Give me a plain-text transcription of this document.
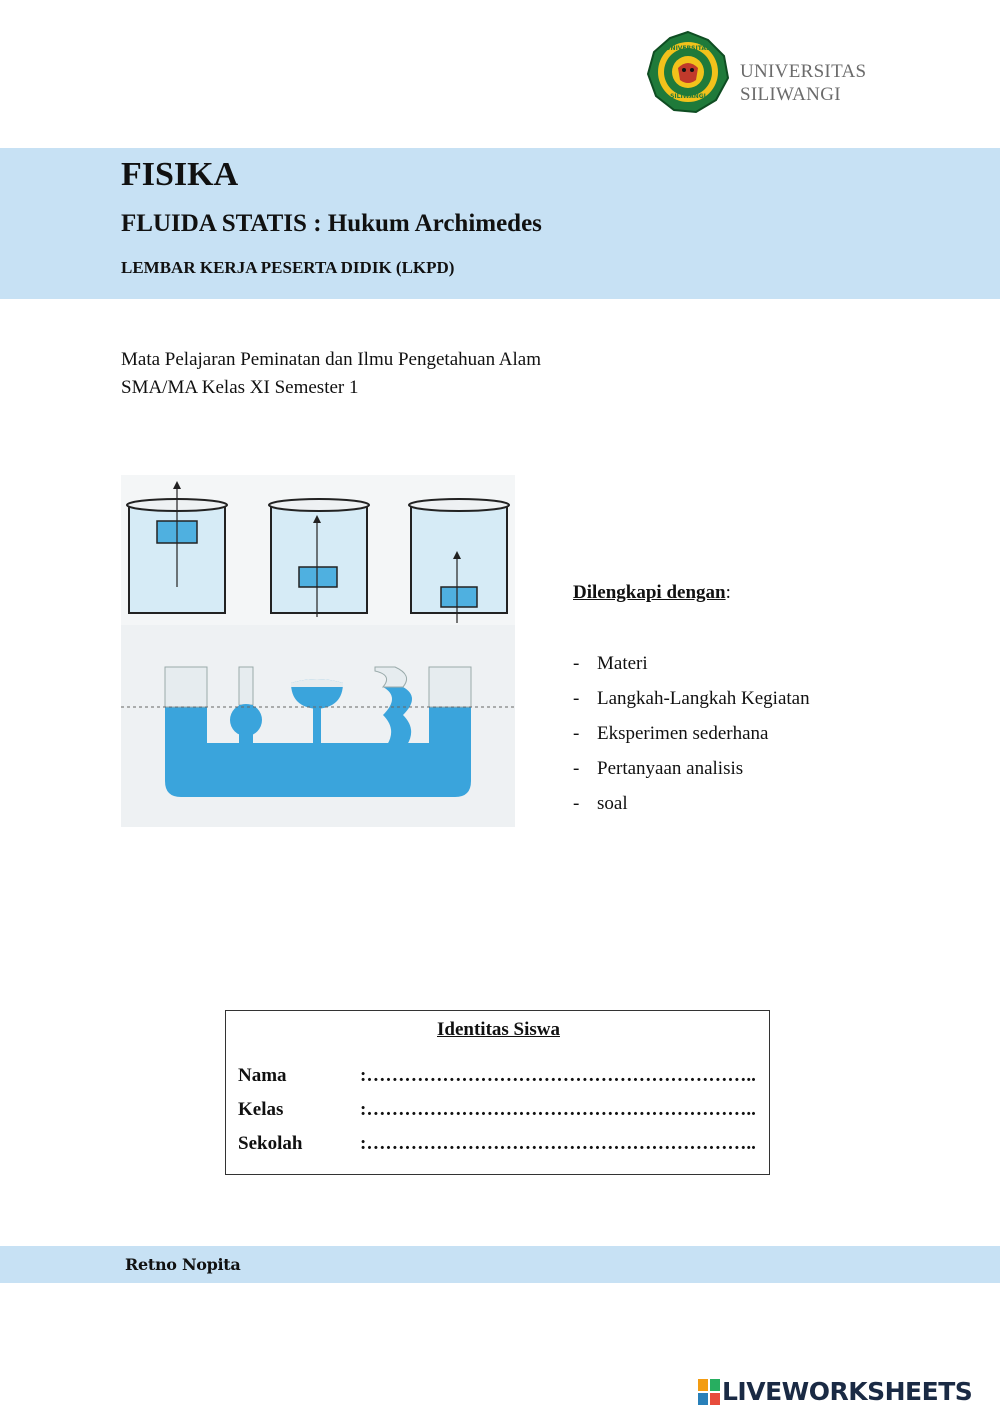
UNIVERSITAS
SILIWANGI
UNIVERSITAS
SILIWANGI
FISIKA
FLUIDA STATIS : Hukum Archimedes
LEMBAR KERJA PESERTA DIDIK (LKPD)
Mata Pelajaran Peminatan dan Ilmu Pengetahuan Alam
SMA/MA Kelas XI Semester 1
Dilengkapi dengan:
- Materi
- Langkah-Langkah Kegiatan
- Eksperimen sederhana
- Pertanyaan analisis
- soal
Identitas Siswa
Nama	:……………………………………………………..
Kelas	:……………………………………………………..
Sekolah	:……………………………………………………..
Retno Nopita
LIVEWORKSHEETS
